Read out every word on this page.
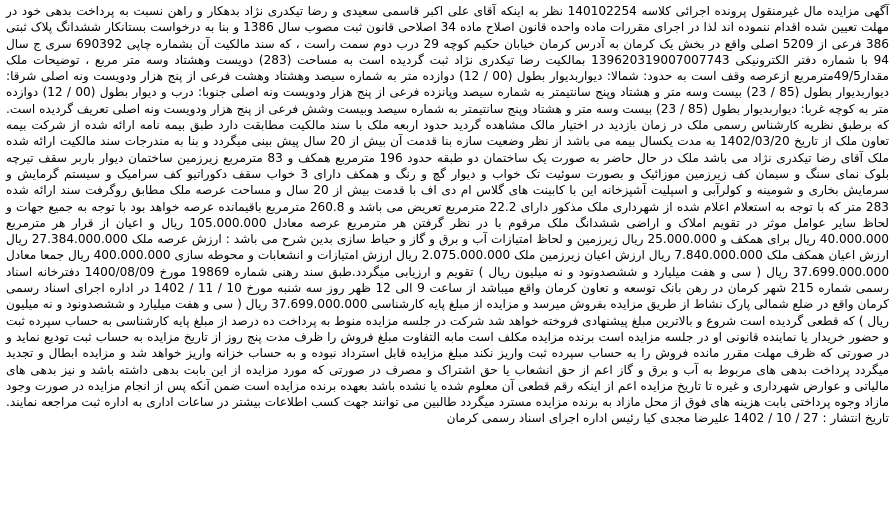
آگهی مزایده مال غیرمنقول پرونده اجرائی کلاسه 140102254 نظر به اینکه آقای علی اکبر قاسمی سعیدی و رضا تیکدری نژاد بدهکار و راهن نسبت به پرداخت بدهی خود در مهلت تعیین شده اقدام ننموده اند لذا در اجرای مقررات ماده واحده قانون اصلاح ماده 34 اصلاحی قانون ثبت مصوب سال 1386 و بنا به درخواست بستانکار ششدانگ پلاک ثبتی 386 فرعی از 5209 اصلی واقع در بخش یک کرمان به آدرس کرمان خیابان حکیم کوچه 29 درب دوم سمت راست ، که سند مالکیت آن بشماره چاپی 690392 سری ج سال 94 با شماره دفتر الکترونیکی 139620319007007743 بمالکیت رضا تیکدری نژاد ثبت گردیده است به مساحت (283) دویست وهشتاد وسه متر مربع ، توضیحات ملک مقدار49/5مترمربع ازعرصه وقف است به حدود: شمالا: دیواربدیوار بطول (00 / 12) دوازده متر به شماره سیصد وهشتاد وهشت فرعی از پنج هزار ودویست ونه اصلی شرقا: دیواربدیوار بطول (85 / 23) بیست وسه متر و هشتاد وپنج سانتیمتر به شماره سیصد وپانزده فرعی از پنج هزار ودویست ونه اصلی جنوبا: درب و دیوار بطول (00 / 12) دوازده متر به کوچه غربا: دیواربدیوار بطول (85 / 23) بیست وسه متر و هشتاد وپنج سانتیمتر به شماره سیصد وبیست وشش فرعی از پنج هزار ودویست ونه اصلی تعریف گردیده است. که برطبق نظریه کارشناس رسمی ملک در زمان بازدید در اختیار مالک مشاهده گردید حدود اربعه ملک با سند مالکیت مطابقت دارد طبق بیمه نامه ارائه شده از شرکت بیمه تعاون ملک از تاریخ 1402/03/20 به مدت یکسال بیمه می باشد از نظر وضعیت سازه بنا قدمت آن بیش از 20 سال پیش بینی میگردد و بنا به مندرجات سند مالکیت ارائه شده ملک آقای رضا تیکدری نژاد می باشد ملک در حال حاضر به صورت یک ساختمان دو طبقه حدود 196 مترمربع همکف و 83 مترمربع زیرزمین ساختمان دیوار باربر سقف تیرچه بلوک نمای سنگ و سیمان کف زیرزمین موزائیک و بصورت سوئیت تک خواب و دیوار گچ و رنگ و همکف دارای 3 خواب سقف دکوراتیو کف سرامیک و سیستم گرمایش و سرمایش بخاری و شومینه و کولرآبی و اسپلیت آشپزخانه این با کابینت های گلاس ام دی اف با قدمت بیش از 20 سال و مساحت عرصه ملک مطابق روگرفت سند ارائه شده 283 متر که با توجه به استعلام اعلام شده از شهرداری ملک مذکور دارای 22.2 مترمربع تعریض می باشد و 260.8 مترمربع باقیمانده عرصه خواهد بود با توجه به جمیع جهات و لحاظ سایر عوامل موثر در تقویم املاک و اراضی ششدانگ ملک مرقوم با در نظر گرفتن هر مترمربع عرصه معادل 105.000.000 ریال و اعیان از قرار هر مترمربع 40.000.000 ریال برای همکف و 25.000.000 ریال زیرزمین و لحاظ امتیازات آب و برق و گاز و حیاط سازی بدین شرح می باشد : ارزش عرصه ملک 27.384.000.000 ریال ارزش اعیان همکف ملک 7.840.000.000 ریال ارزش اعیان زیرزمین ملک 2.075.000.000 ریال ارزش امتیازات و انشعابات و محوطه سازی 400.000.000 ریال جمعا معادل 37.699.000.000 ریال ( سی و هفت میلیارد و ششصدونود و نه میلیون ریال ) تقویم و ارزیابی میگردد.طبق سند رهنی شماره 19869 مورخ 1400/08/09 دفترخانه اسناد رسمی شماره 215 شهر کرمان در رهن بانک توسعه و تعاون کرمان واقع میباشد از ساعت 9 الی 12 ظهر روز سه شنبه مورخ 10 / 11 / 1402 در اداره اجرای اسناد رسمی کرمان واقع در ضلع شمالی پارک نشاط از طریق مزایده بفروش میرسد و مزایده از مبلغ پایه کارشناسی 37.699.000.000 ریال ( سی و هفت میلیارد و ششصدونود و نه میلیون ریال ) که قطعی گردیده است شروع و بالاترین مبلغ پیشنهادی فروخته خواهد شد شرکت در جلسه مزایده منوط به پرداخت ده درصد از مبلغ پایه کارشناسی به حساب سپرده ثبت و حضور خریدار یا نماینده قانونی او در جلسه مزایده است برنده مزایده مکلف است مابه التفاوت مبلغ فروش را ظرف مدت پنج روز از تاریخ مزایده به حساب ثبت تودیع نماید و در صورتی که ظرف مهلت مقرر مانده فروش را به حساب سپرده ثبت واریز نکند مبلغ مزایده قابل استرداد نبوده و به حساب خزانه واریز خواهد شد و مزایده ابطال و تجدید میگردد پرداخت بدهی های مربوط به آب و برق و گاز اعم از حق انشعاب یا حق اشتراک و مصرف در صورتی که مورد مزایده از این بابت بدهی داشته باشد و نیز بدهی های مالیاتی و عوارض شهرداری و غیره تا تاریخ مزایده اعم از اینکه رقم قطعی آن معلوم شده یا نشده باشد بعهده برنده مزایده است ضمن آنکه پس از انجام مزایده در صورت وجود مازاد وجوه پرداختی بابت هزینه های فوق از محل مازاد به برنده مزایده مسترد میگردد طالبین می توانند جهت کسب اطلاعات بیشتر در ساعات اداری به اداره ثبت مراجعه نمایند. تاریخ انتشار : 27 / 10 / 1402 علیرضا مجدی کیا رئیس اداره اجرای اسناد رسمی کرمان
